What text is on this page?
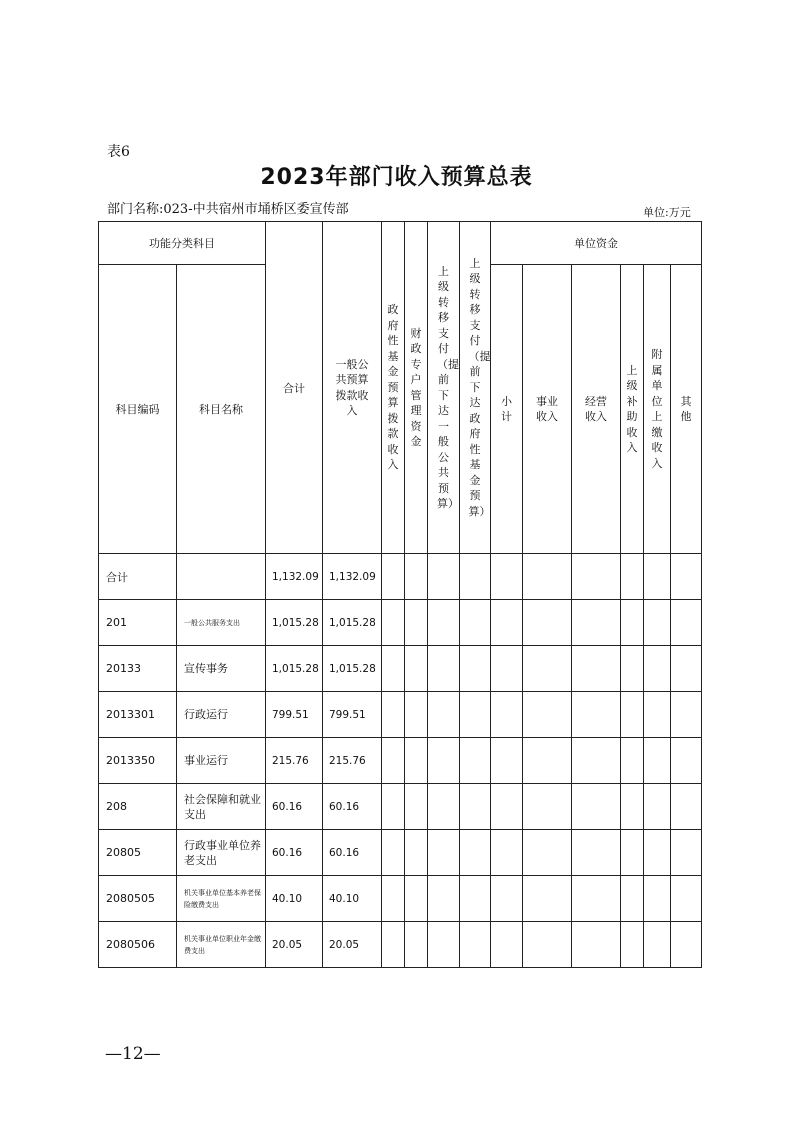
表6
2023年部门收入预算总表
部门名称:023-中共宿州市埇桥区委宣传部	单位:万元
功能分类科目		合计	一般公共预算拨款收入	政府性基金预算拨款收入	财政专户管理资金	上级转移支付（提前下达一般公共预算）	上级转移支付（提前下达政府性基金预算）	单位资金					
科目编码	科目名称							小计	事业收入	经营收入	上级补助收入	附属单位上缴收入	其他
合计		1,132.09	1,132.09										
201	一般公共服务支出	1,015.28	1,015.28										
20133	宣传事务	1,015.28	1,015.28										
2013301	行政运行	799.51	799.51										
2013350	事业运行	215.76	215.76										
208	社会保障和就业支出	60.16	60.16										
20805	行政事业单位养老支出	60.16	60.16										
2080505	机关事业单位基本养老保险缴费支出	40.10	40.10										
2080506	机关事业单位职业年金缴费支出	20.05	20.05										
—12—
